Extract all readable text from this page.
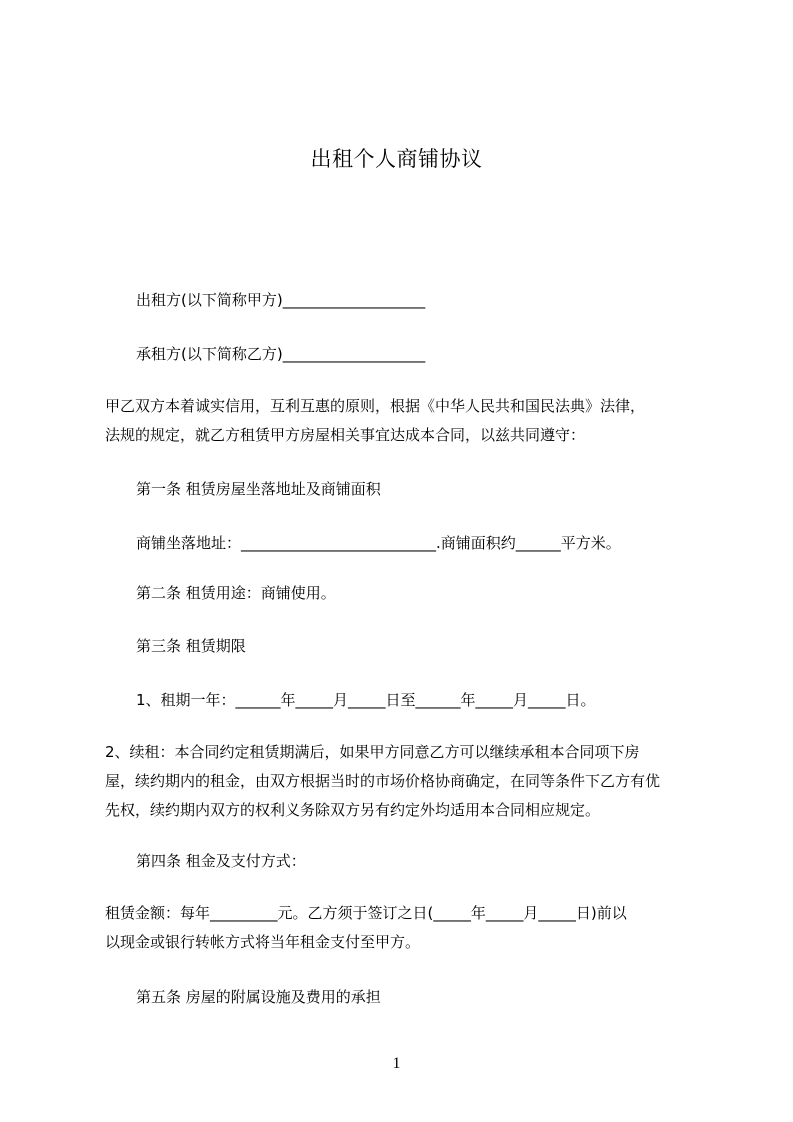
出租个人商铺协议
出租方(以下简称甲方)___________________
承租方(以下简称乙方)___________________

甲乙双方本着诚实信用，互利互惠的原则，根据《中华人民共和国民法典》法律，

法规的规定，就乙方租赁甲方房屋相关事宜达成本合同，以兹共同遵守：

第一条 租赁房屋坐落地址及商铺面积
商铺坐落地址：__________________________.商铺面积约______平方米。
第二条 租赁用途：商铺使用。
第三条 租赁期限
1、租期一年：______年_____月_____日至______年_____月_____日。

2、续租：本合同约定租赁期满后，如果甲方同意乙方可以继续承租本合同项下房

屋，续约期内的租金，由双方根据当时的市场价格协商确定，在同等条件下乙方有优

先权，续约期内双方的权利义务除双方另有约定外均适用本合同相应规定。

第四条 租金及支付方式：

租赁金额：每年_________元。乙方须于签订之日(_____年_____月_____日)前以

以现金或银行转帐方式将当年租金支付至甲方。

第五条 房屋的附属设施及费用的承担
1
